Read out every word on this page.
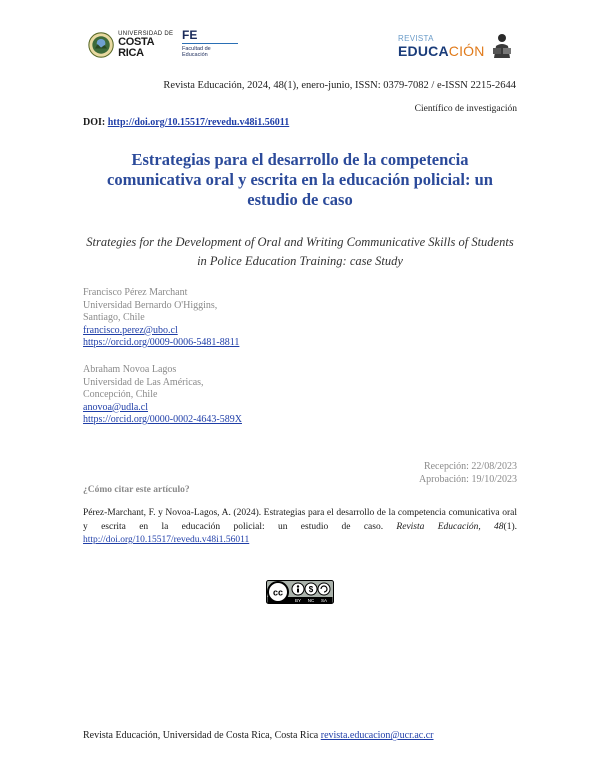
UNIVERSIDAD DE
COSTA RICA
FE
Facultad de
Educación
REVISTA
EDUCACIÓN
Revista Educación, 2024, 48(1), enero-junio, ISSN: 0379-7082 / e-ISSN 2215-2644
Científico de investigación
DOI: http://doi.org/10.15517/revedu.v48i1.56011
Estrategias para el desarrollo de la competencia comunicativa oral y escrita en la educación policial: un estudio de caso
Strategies for the Development of Oral and Writing Communicative Skills of Students in Police Education Training: case Study
Francisco Pérez Marchant
Universidad Bernardo O'Higgins,
Santiago, Chile
francisco.perez@ubo.cl
https://orcid.org/0009-0006-5481-8811
Abraham Novoa Lagos
Universidad de Las Américas,
Concepción, Chile
anovoa@udla.cl
https://orcid.org/0000-0002-4643-589X
Recepción: 22/08/2023
Aprobación: 19/10/2023
¿Cómo citar este artículo?
Pérez-Marchant, F. y Novoa-Lagos, A. (2024). Estrategias para el desarrollo de la competencia comunicativa oral y escrita en la educación policial: un estudio de caso. Revista Educación, 48(1). http://doi.org/10.15517/revedu.v48i1.56011
cc	$
BY NC SA
Revista Educación, Universidad de Costa Rica, Costa Rica revista.educacion@ucr.ac.cr
